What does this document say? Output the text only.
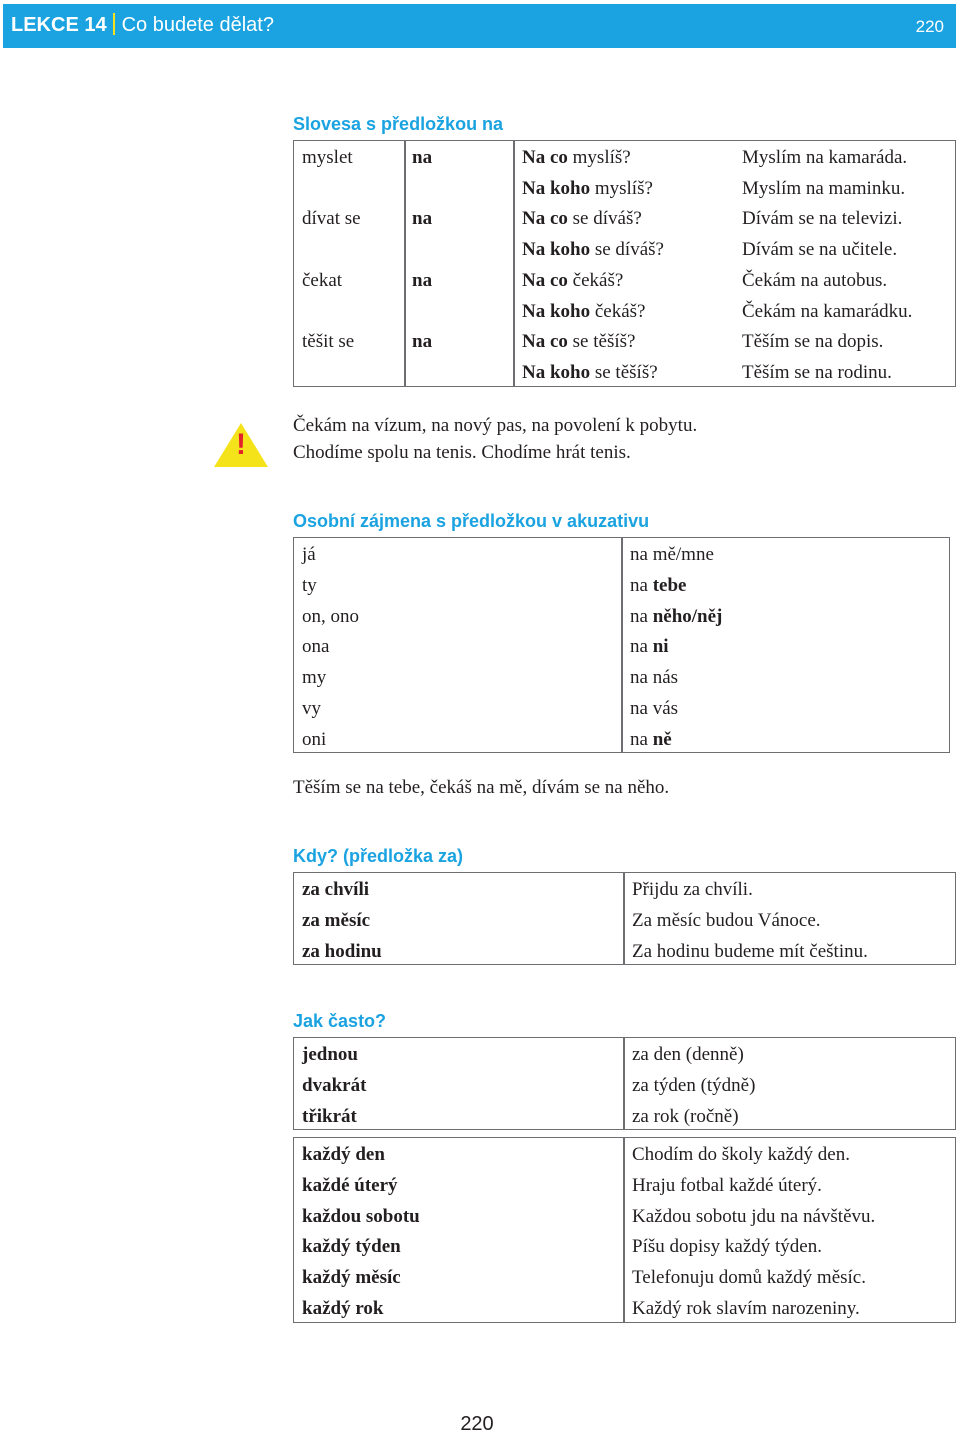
LEKCE 14 Co budete dělat?	220
Slovesa s předložkou na
myslet	na	Na co myslíš?	Myslím na kamaráda.
Na koho myslíš?	Myslím na maminku.
dívat se	na	Na co se díváš?	Dívám se na televizi.
Na koho se díváš?	Dívám se na učitele.
čekat	na	Na co čekáš?	Čekám na autobus.
Na koho čekáš?	Čekám na kamarádku.
těšit se	na	Na co se těšíš?	Těším se na dopis.
Na koho se těšíš?	Těším se na rodinu.
!
Čekám na vízum, na nový pas, na povolení k pobytu.
Chodíme spolu na tenis. Chodíme hrát tenis.
Osobní zájmena s předložkou v akuzativu
já	na mě/mne
ty	na tebe
on, ono	na něho/něj
ona	na ni
my	na nás
vy	na vás
oni	na ně
Těším se na tebe, čekáš na mě, dívám se na něho.
Kdy? (předložka za)
za chvíli	Přijdu za chvíli.
za měsíc	Za měsíc budou Vánoce.
za hodinu	Za hodinu budeme mít češtinu.
Jak často?
jednou	za den (denně)
dvakrát	za týden (týdně)
třikrát	za rok (ročně)
každý den	Chodím do školy každý den.
každé úterý	Hraju fotbal každé úterý.
každou sobotu	Každou sobotu jdu na návštěvu.
každý týden	Píšu dopisy každý týden.
každý měsíc	Telefonuju domů každý měsíc.
každý rok	Každý rok slavím narozeniny.
220
